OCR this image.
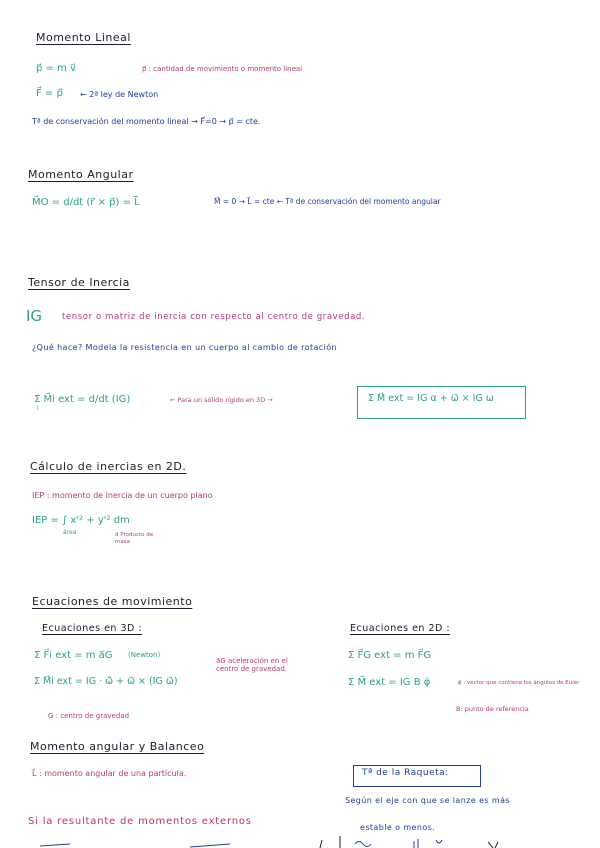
Momento Lineal
p⃗ = m v⃗	p⃗ : cantidad de movimiento o momento lineal
F⃗ = ṗ⃗ ← 2ª ley de Newton
Tª de conservación del momento lineal → F⃗=0 → p⃗ = cte.
Momento Angular
M⃗O = d/dt (r⃗ × p⃗) = L̇⃗	M⃗ = 0 → L⃗ = cte ← Tª de conservación del momento angular
Tensor de Inercia
IG tensor o matriz de inercia con respecto al centro de gravedad.
¿Qué hace? Modela la resistencia en un cuerpo al cambio de rotación
Σ M⃗i ext = d/dt (IG)
i
← Para un sólido rígido en 3D →	Σ M⃗ ext = IG α + ω⃗ × IG ω
Cálculo de inercias en 2D.
IEP : momento de inercia de un cuerpo plano
IEP = ∫ x'² + y'² dm
área	d Producto de masa
Ecuaciones de movimiento
Ecuaciones en 3D :
Σ F⃗i ext = m a⃗G (Newton)
Σ M⃗i ext = IG · ω̇⃗ + ω⃗ × (IG ω⃗)
a⃗G aceleración en el centro de gravedad.
G : centro de gravedad
Ecuaciones en 2D :
Σ F⃗G ext = m F⃗G
Σ M⃗ ext = IG B φ̈	φ̈ : vector que contiene los ángulos de Euler
B: punto de referencia
Momento angular y Balanceo
L⃗ : momento angular de una partícula.	Tª de la Raqueta:
Según el eje con que se lanze es más
estable o menos.
Si la resultante de momentos externos
